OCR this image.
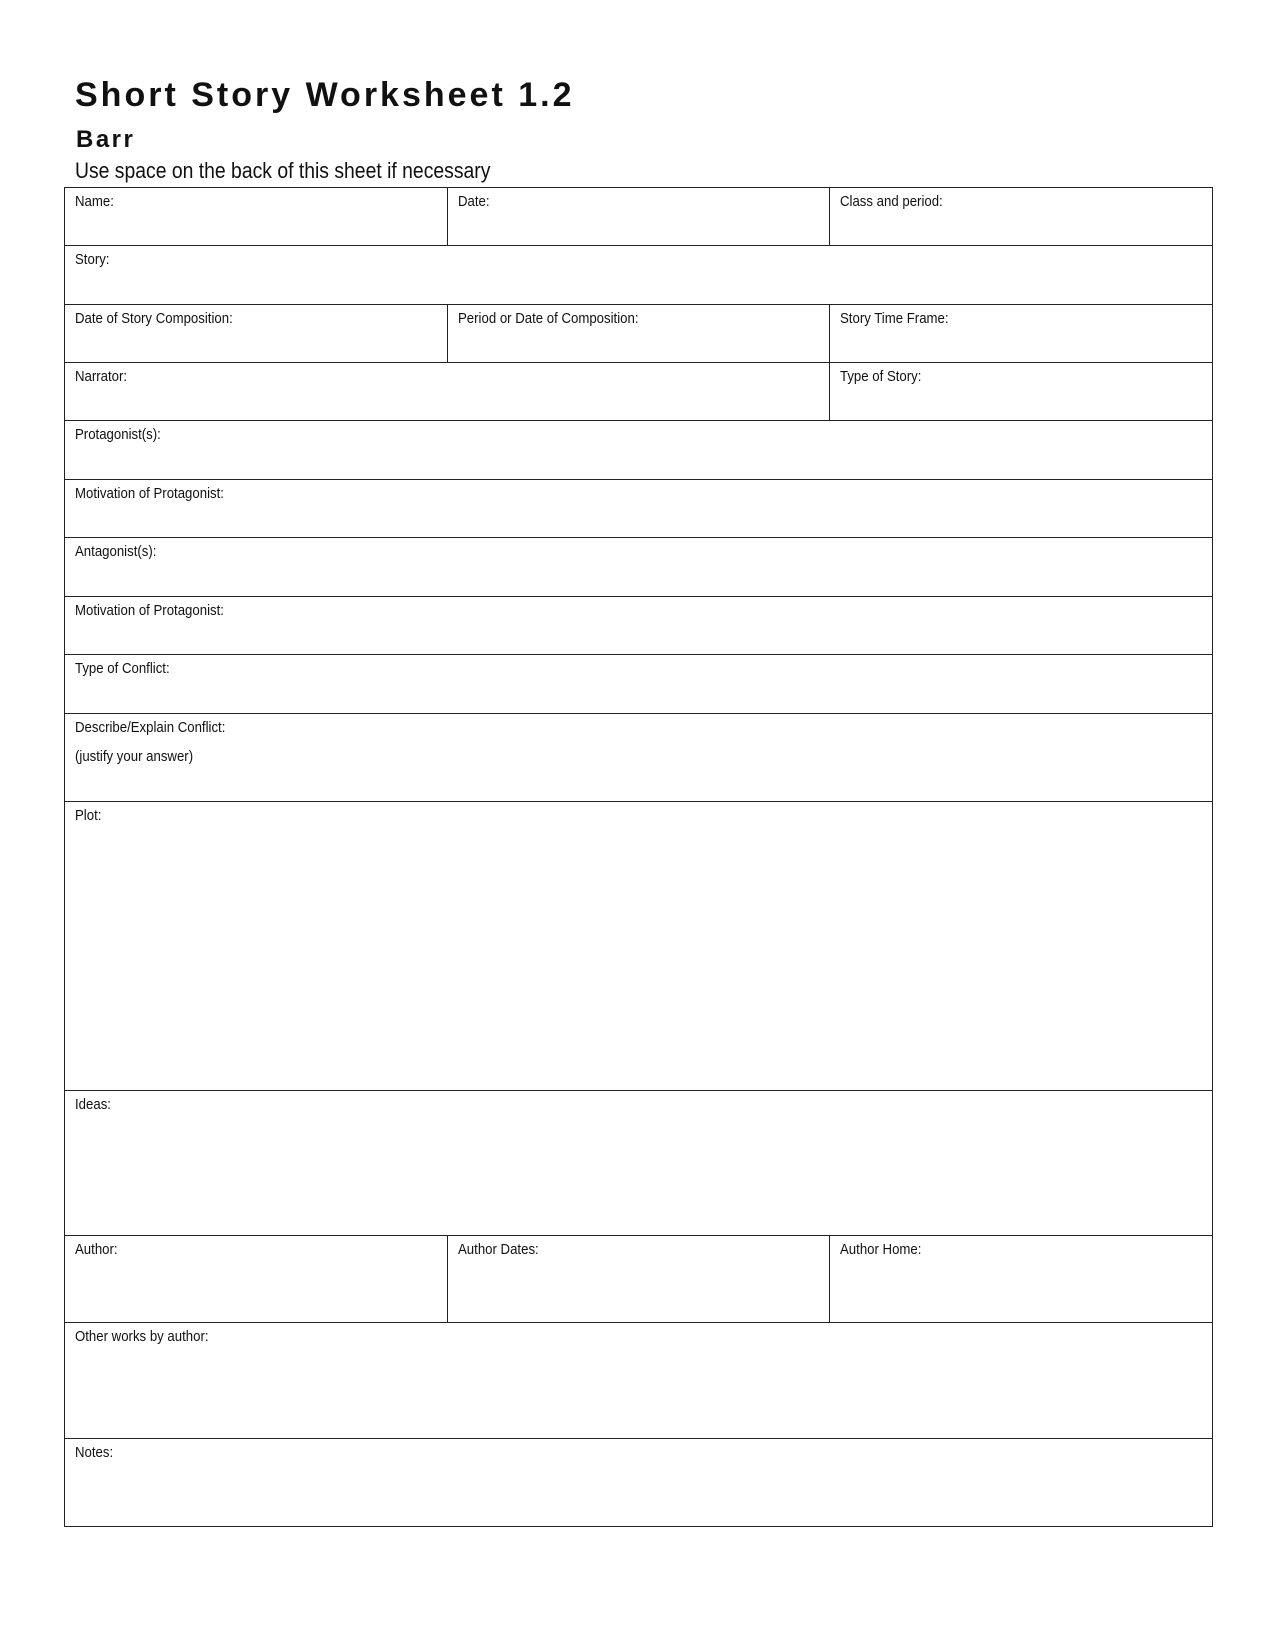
Short Story Worksheet 1.2
Barr

Use space on the back of this sheet if necessary

Name:	Date:	Class and period:
Story:
Date of Story Composition:	Period or Date of Composition:	Story Time Frame:
Narrator:	Type of Story:
Protagonist(s):
Motivation of Protagonist:
Antagonist(s):
Motivation of Protagonist:
Type of Conflict:
Describe/Explain Conflict:
(justify your answer)
Plot:
Ideas:
Author:	Author Dates:	Author Home:
Other works by author:
Notes:
